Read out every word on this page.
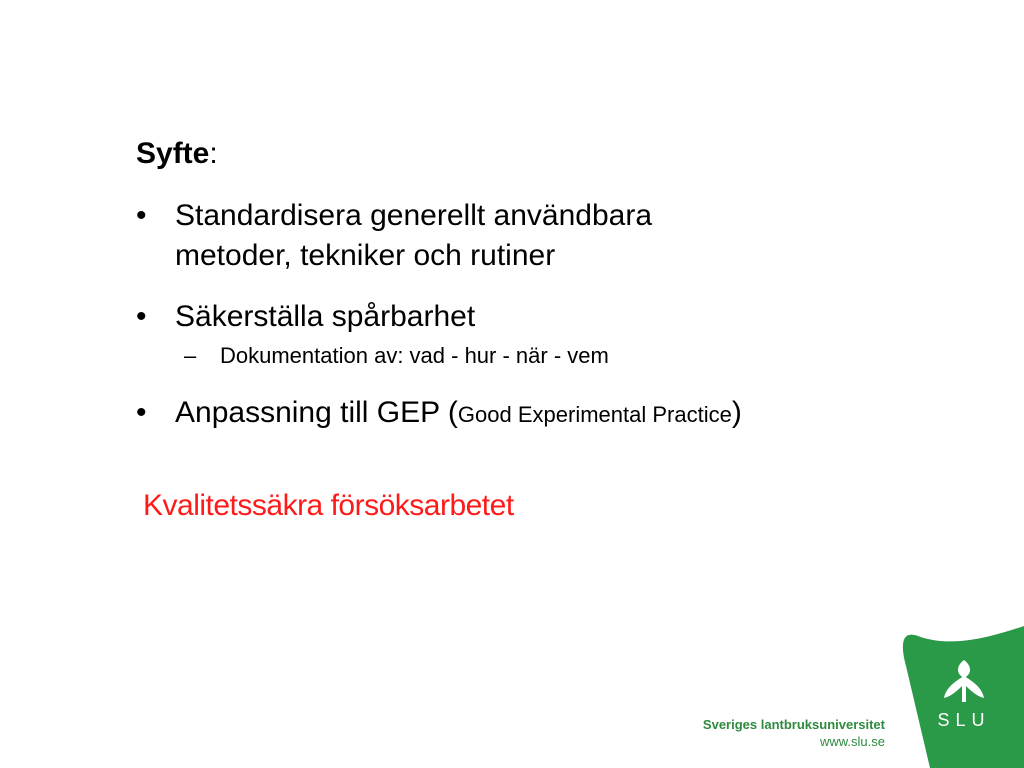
Syfte:
• Standardisera generellt användbara
metoder, tekniker och rutiner
• Säkerställa spårbarhet
–	Dokumentation av: vad - hur - när - vem
• Anpassning till GEP (Good Experimental Practice)
Kvalitetssäkra försöksarbetet
Sveriges lantbruksuniversitet
www.slu.se
SLU
